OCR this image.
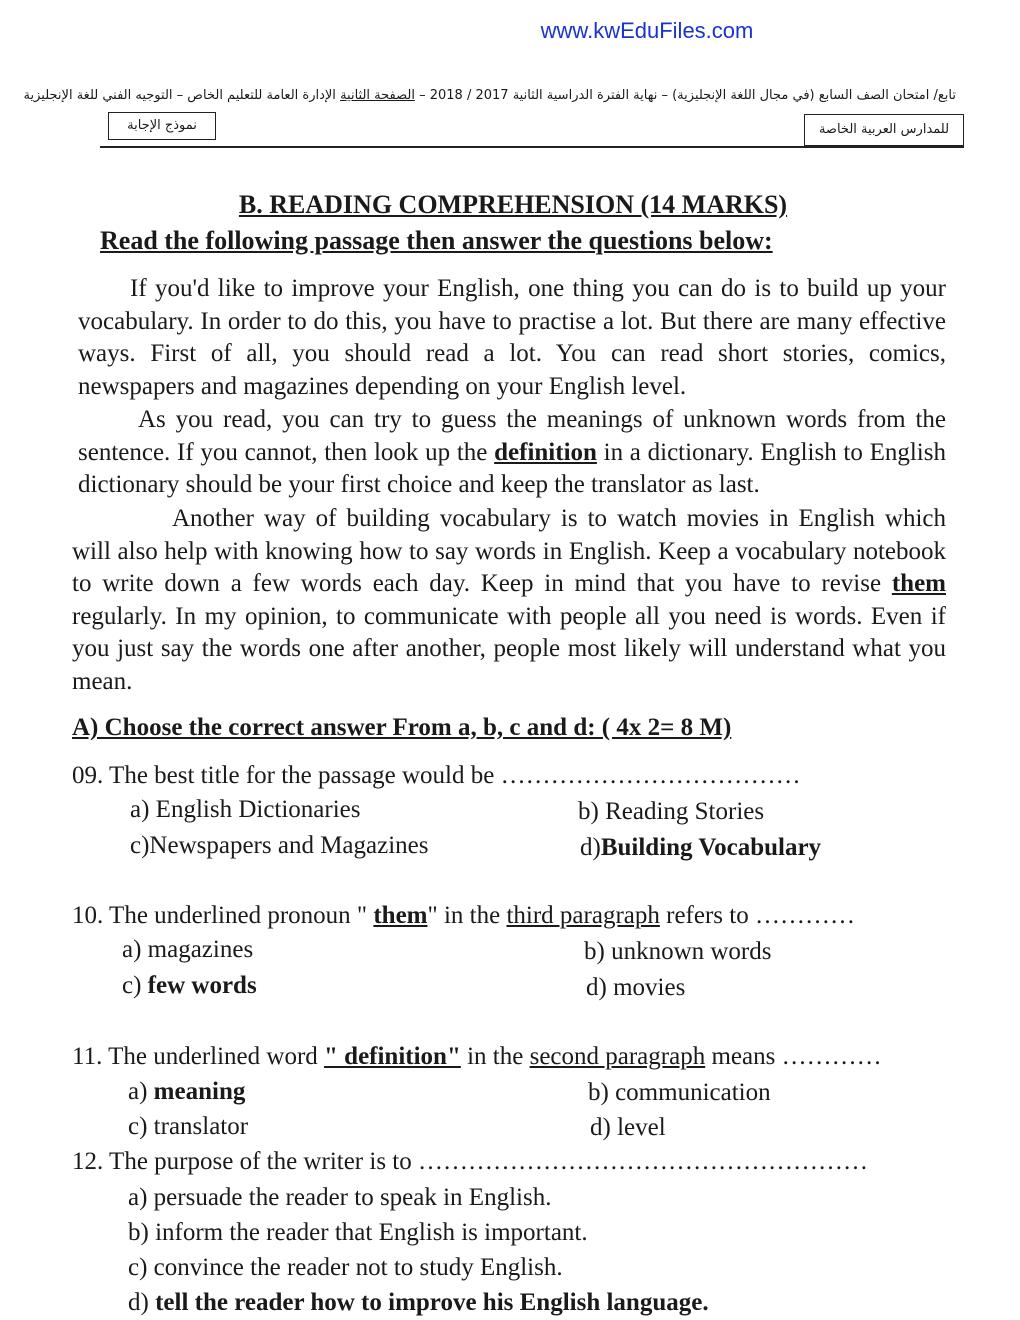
www.kwEduFiles.com
تابع/ امتحان الصف السابع (في مجال اللغة الإنجليزية) – نهاية الفترة الدراسية الثانية 2017 / 2018 – الصفحة الثانية الإدارة العامة للتعليم الخاص – التوجيه الفني للغة الإنجليزية
نموذج الإجابة	للمدارس العربية الخاصة
B. READING COMPREHENSION (14 MARKS)
Read the following passage then answer the questions below:
If you'd like to improve your English, one thing you can do is to build up your vocabulary. In order to do this, you have to practise a lot. But there are many effective ways. First of all, you should read a lot. You can read short stories, comics, newspapers and magazines depending on your English level.
As you read, you can try to guess the meanings of unknown words from the sentence. If you cannot, then look up the definition in a dictionary. English to English dictionary should be your first choice and keep the translator as last.
Another way of building vocabulary is to watch movies in English which will also help with knowing how to say words in English. Keep a vocabulary notebook to write down a few words each day. Keep in mind that you have to revise them regularly. In my opinion, to communicate with people all you need is words. Even if you just say the words one after another, people most likely will understand what you mean.
A) Choose the correct answer From a, b, c and d: ( 4x 2= 8 M)
09. The best title for the passage would be ………………………………
a) English Dictionaries	b) Reading Stories
c)Newspapers and Magazines	d)Building Vocabulary
10. The underlined pronoun " them" in the third paragraph refers to …………
a) magazines	b) unknown words
c) few words	d) movies
11. The underlined word " definition" in the second paragraph means …………
a) meaning	b) communication
c) translator	d) level
12. The purpose of the writer is to ………………………………………………
a) persuade the reader to speak in English.
b) inform the reader that English is important.
c) convince the reader not to study English.
d) tell the reader how to improve his English language.
